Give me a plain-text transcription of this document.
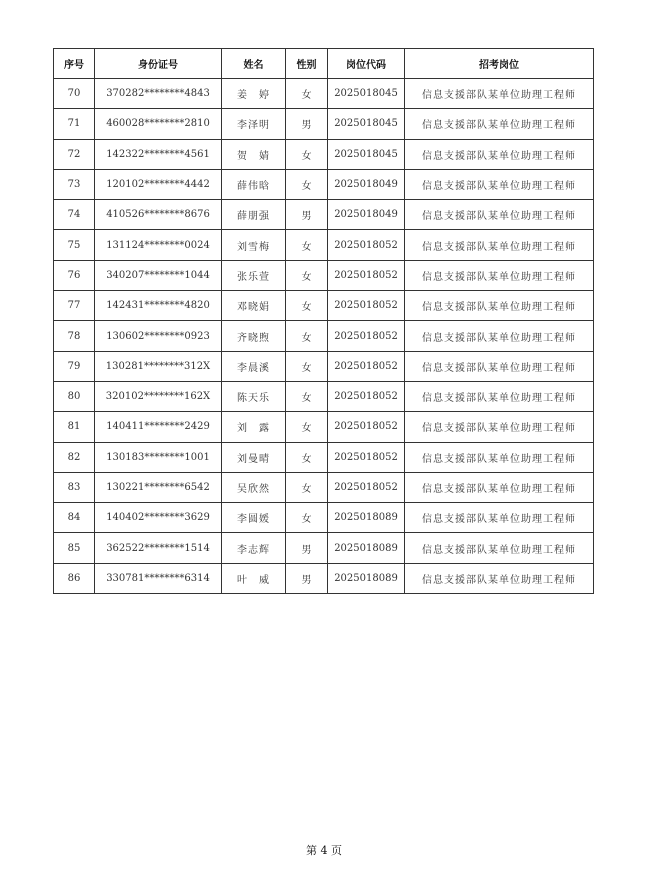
序号	身份证号	姓名	性别	岗位代码	招考岗位
70	370282********4843	姜　婷	女	2025018045	信息支援部队某单位助理工程师
71	460028********2810	李泽明	男	2025018045	信息支援部队某单位助理工程师
72	142322********4561	贺　婧	女	2025018045	信息支援部队某单位助理工程师
73	120102********4442	薛伟晗	女	2025018049	信息支援部队某单位助理工程师
74	410526********8676	薛朋强	男	2025018049	信息支援部队某单位助理工程师
75	131124********0024	刘雪梅	女	2025018052	信息支援部队某单位助理工程师
76	340207********1044	张乐萱	女	2025018052	信息支援部队某单位助理工程师
77	142431********4820	邓晓娟	女	2025018052	信息支援部队某单位助理工程师
78	130602********0923	齐晓煦	女	2025018052	信息支援部队某单位助理工程师
79	130281********312X	李晨溪	女	2025018052	信息支援部队某单位助理工程师
80	320102********162X	陈天乐	女	2025018052	信息支援部队某单位助理工程师
81	140411********2429	刘　露	女	2025018052	信息支援部队某单位助理工程师
82	130183********1001	刘曼晴	女	2025018052	信息支援部队某单位助理工程师
83	130221********6542	吴欣然	女	2025018052	信息支援部队某单位助理工程师
84	140402********3629	李圆媛	女	2025018089	信息支援部队某单位助理工程师
85	362522********1514	李志辉	男	2025018089	信息支援部队某单位助理工程师
86	330781********6314	叶　威	男	2025018089	信息支援部队某单位助理工程师
第 4 页
